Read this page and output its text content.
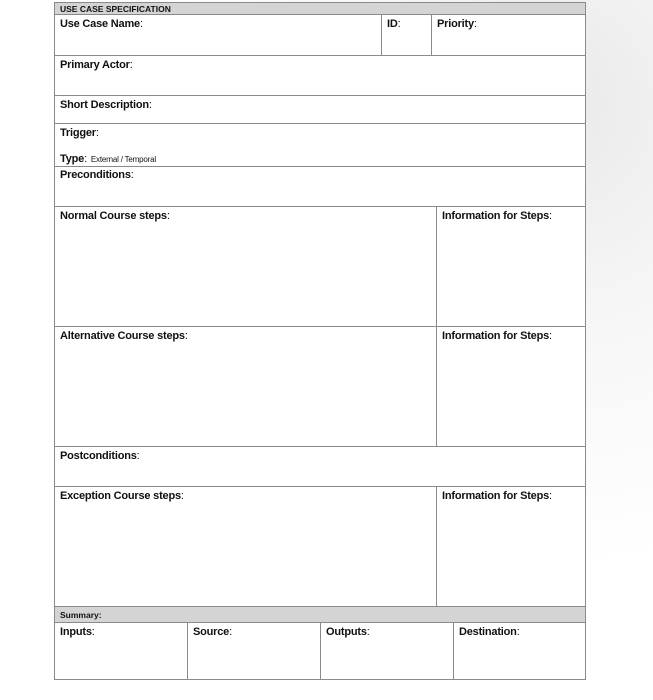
USE CASE SPECIFICATION
Use Case Name:	ID:	Priority:
Primary Actor:
Short Description:
Trigger:
Type: External / Temporal
Preconditions:
Normal Course steps:	Information for Steps:
Alternative Course steps:	Information for Steps:
Postconditions:
Exception Course steps:	Information for Steps:
Summary:
Inputs:	Source:	Outputs:	Destination:
